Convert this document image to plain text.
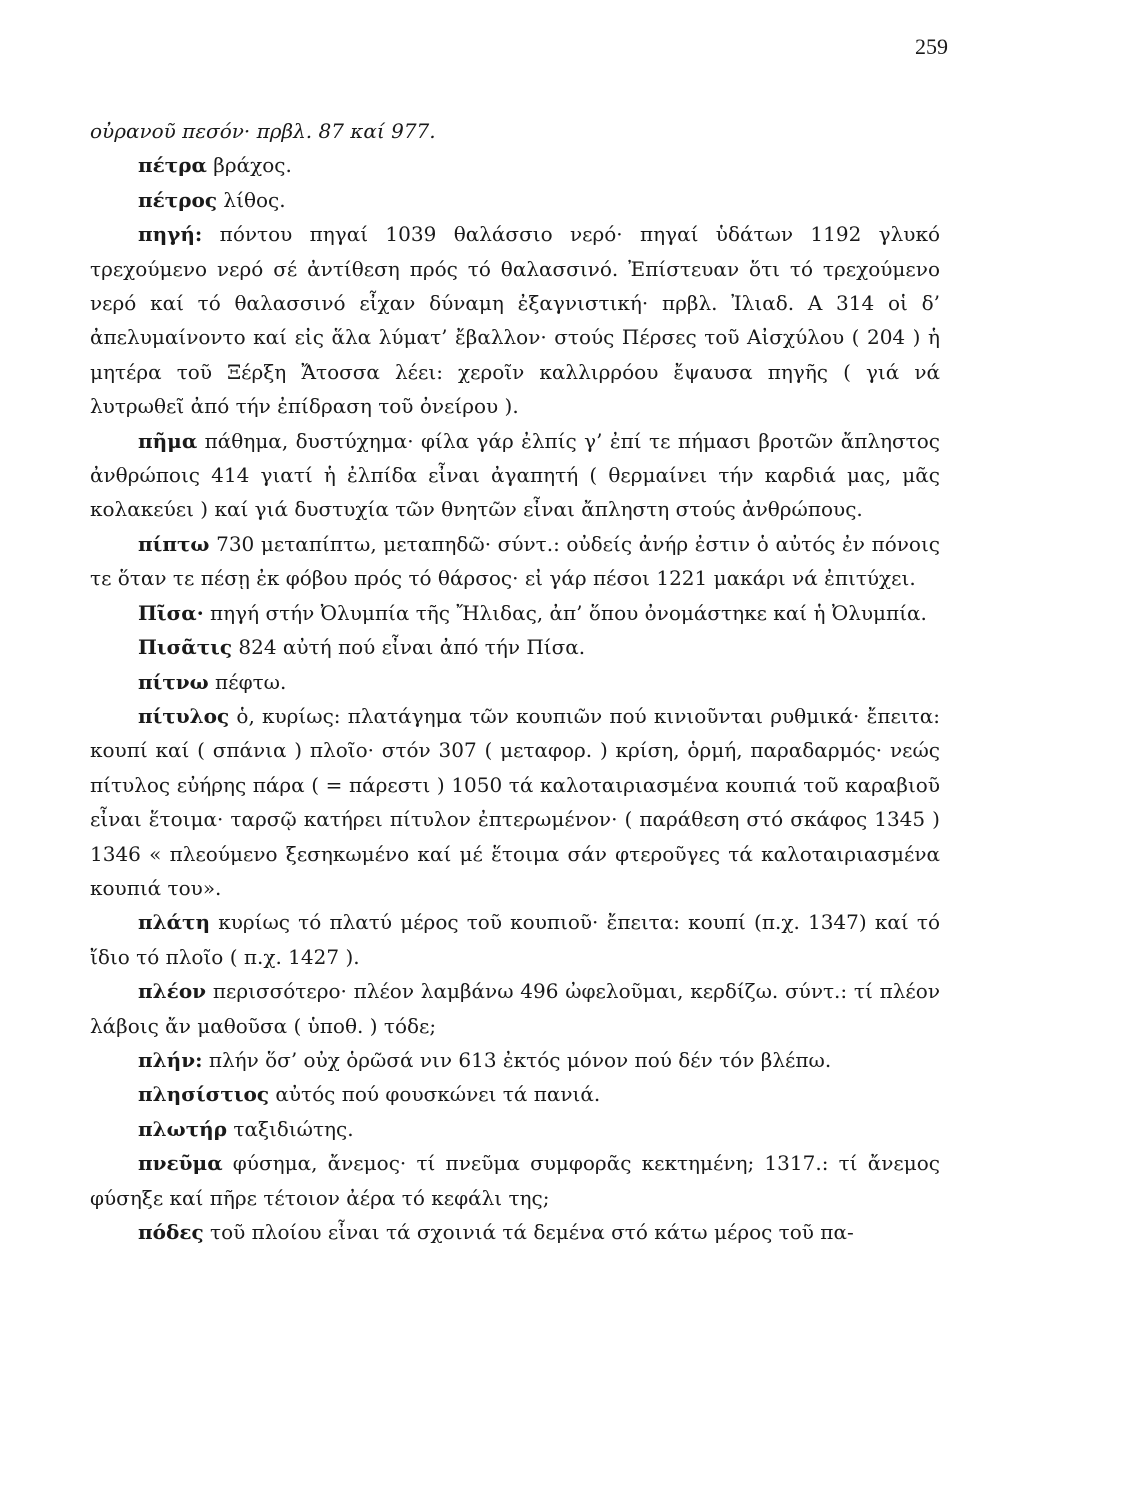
259

οὐρανοῦ πεσόν· πρβλ. 87 καί 977.

πέτρα βράχος.

πέτρος λίθος.

πηγή: πόντου πηγαί 1039 θαλάσσιο νερό· πηγαί ὑδάτων 1192 γλυκό τρεχούμενο νερό σέ ἀντίθεση πρός τό θαλασσινό. Ἐπίστευαν ὅτι τό τρεχούμενο νερό καί τό θαλασσινό εἶχαν δύναμη ἐξαγνιστική· πρβλ. Ἰλιαδ. Α 314 οἱ δ’ ἀπελυμαίνοντο καί εἰς ἅλα λύματ’ ἔβαλλον· στούς Πέρσες τοῦ Αἰσχύλου ( 204 ) ἡ μητέρα τοῦ Ξέρξη Ἄτοσσα λέει: χεροῖν καλλιρρόου ἔψαυσα πηγῆς ( γιά νά λυτρωθεῖ ἀπό τήν ἐπίδραση τοῦ ὀνείρου ).

πῆμα πάθημα, δυστύχημα· φίλα γάρ ἐλπίς γ’ ἐπί τε πήμασι βροτῶν ἄπληστος ἀνθρώποις 414 γιατί ἡ ἐλπίδα εἶναι ἀγαπητή ( θερμαίνει τήν καρδιά μας, μᾶς κολακεύει ) καί γιά δυστυχία τῶν θνητῶν εἶναι ἄπληστη στούς ἀνθρώπους.

πίπτω 730 μεταπίπτω, μεταπηδῶ· σύντ.: οὐδείς ἀνήρ ἐστιν ὁ αὐτός ἐν πόνοις τε ὅταν τε πέσῃ ἐκ φόβου πρός τό θάρσος· εἰ γάρ πέσοι 1221 μακάρι νά ἐπιτύχει.

Πῖσα· πηγή στήν Ὀλυμπία τῆς Ἤλιδας, ἀπ’ ὅπου ὀνομάστηκε καί ἡ Ὀλυμπία.

Πισᾶτις 824 αὐτή πού εἶναι ἀπό τήν Πίσα.

πίτνω πέφτω.

πίτυλος ὁ, κυρίως: πλατάγημα τῶν κουπιῶν πού κινιοῦνται ρυθμικά· ἔπειτα: κουπί καί ( σπάνια ) πλοῖο· στόν 307 ( μεταφορ. ) κρίση, ὁρμή, παραδαρμός· νεώς πίτυλος εὐήρης πάρα ( = πάρεστι ) 1050 τά καλοταιριασμένα κουπιά τοῦ καραβιοῦ εἶναι ἕτοιμα· ταρσῷ κατήρει πίτυλον ἐπτερωμένον· ( παράθεση στό σκάφος 1345 ) 1346 « πλεούμενο ξεσηκωμένο καί μέ ἕτοιμα σάν φτεροῦγες τά καλοταιριασμένα κουπιά του».

πλάτη κυρίως τό πλατύ μέρος τοῦ κουπιοῦ· ἔπειτα: κουπί (π.χ. 1347) καί τό ἴδιο τό πλοῖο ( π.χ. 1427 ).

πλέον περισσότερο· πλέον λαμβάνω 496 ὠφελοῦμαι, κερδίζω. σύντ.: τί πλέον λάβοις ἄν μαθοῦσα ( ὑποθ. ) τόδε;

πλήν: πλήν ὅσ’ οὐχ ὁρῶσά νιν 613 ἐκτός μόνον πού δέν τόν βλέπω.

πλησίστιος αὐτός πού φουσκώνει τά πανιά.

πλωτήρ ταξιδιώτης.

πνεῦμα φύσημα, ἄνεμος· τί πνεῦμα συμφορᾶς κεκτημένη; 1317.: τί ἄνεμος φύσηξε καί πῆρε τέτοιον ἀέρα τό κεφάλι της;

πόδες τοῦ πλοίου εἶναι τά σχοινιά τά δεμένα στό κάτω μέρος τοῦ πα-
